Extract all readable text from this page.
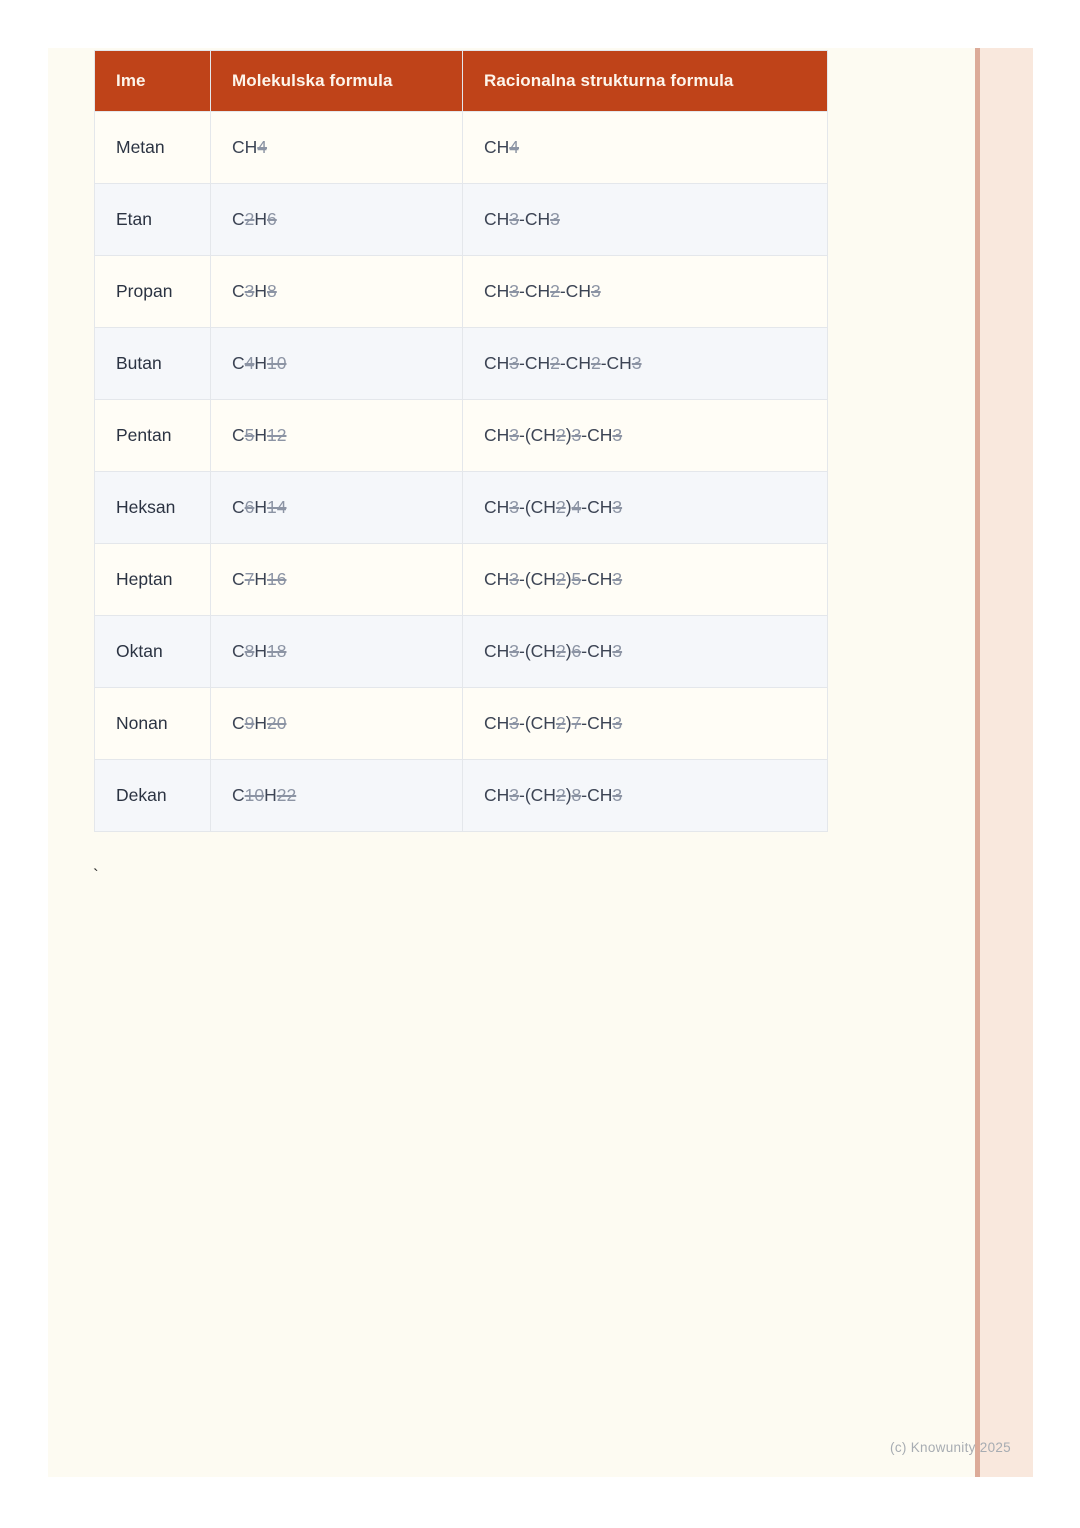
Ime	Molekulska formula	Racionalna strukturna formula
Metan	CH4	CH4
Etan	C2H6	CH3-CH3
Propan	C3H8	CH3-CH2-CH3
Butan	C4H10	CH3-CH2-CH2-CH3
Pentan	C5H12	CH3-(CH2)3-CH3
Heksan	C6H14	CH3-(CH2)4-CH3
Heptan	C7H16	CH3-(CH2)5-CH3
Oktan	C8H18	CH3-(CH2)6-CH3
Nonan	C9H20	CH3-(CH2)7-CH3
Dekan	C10H22	CH3-(CH2)8-CH3
`
(c) Knowunity 2025
